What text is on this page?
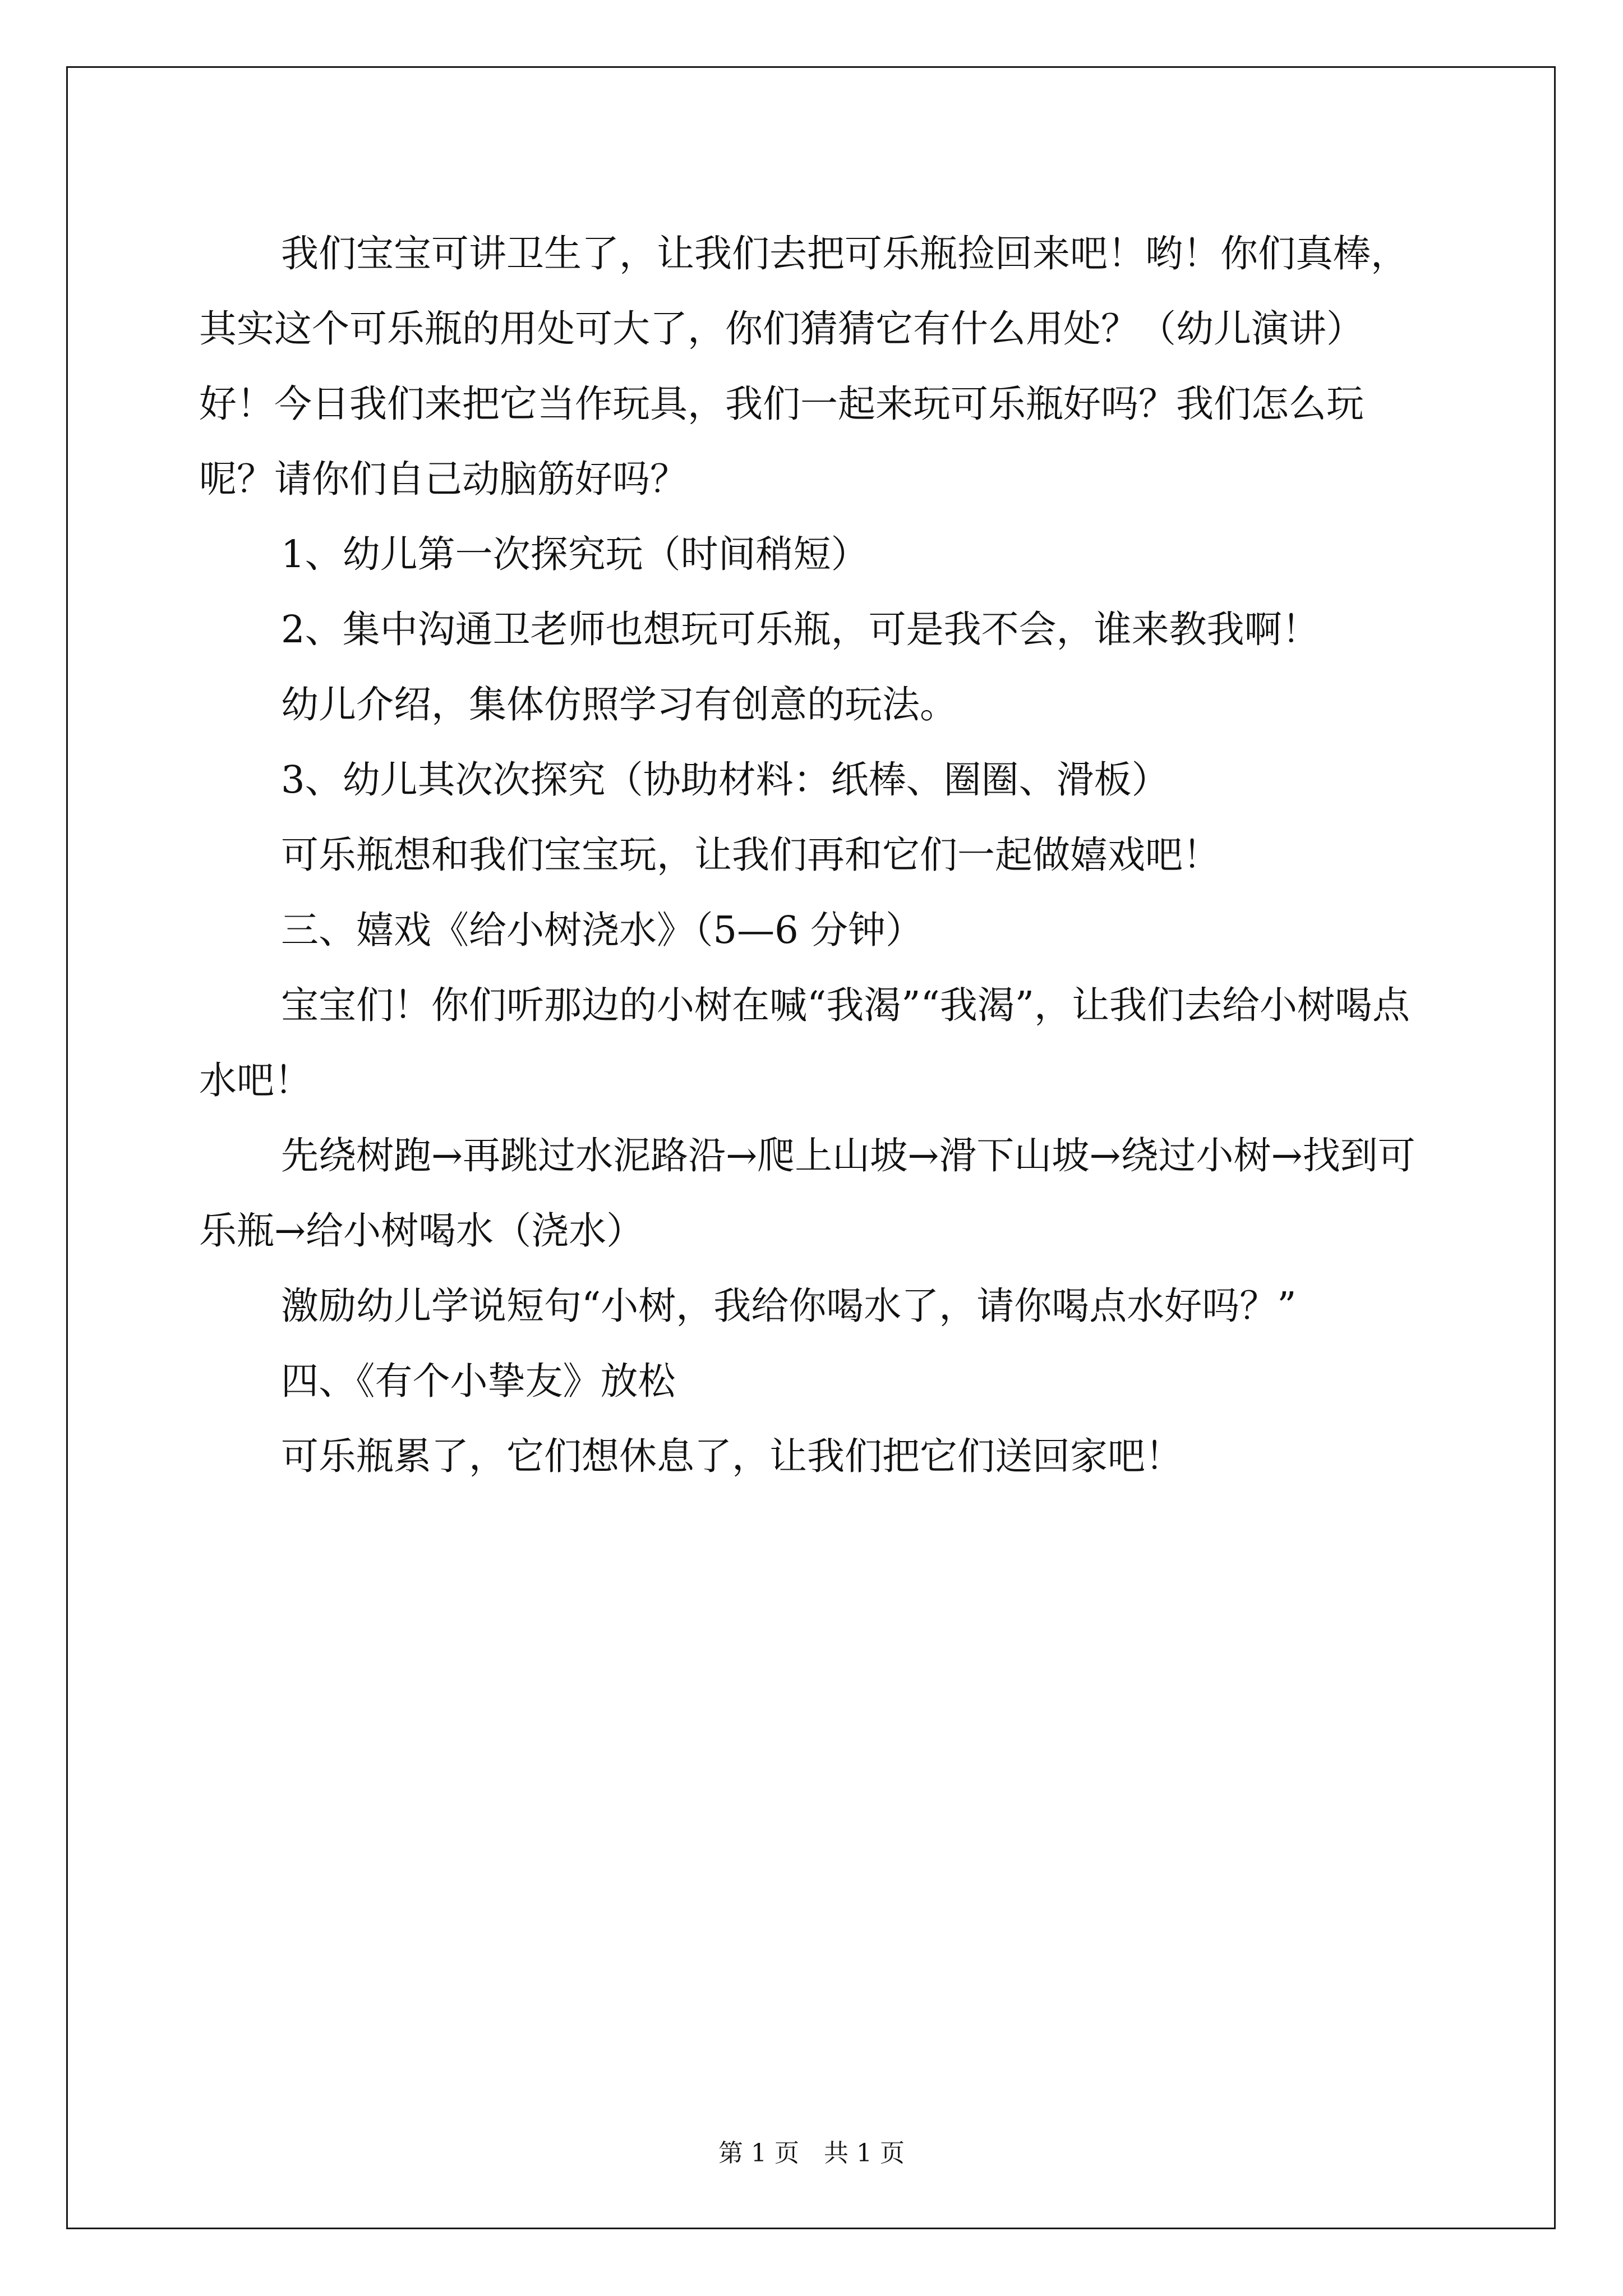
我们宝宝可讲卫生了，让我们去把可乐瓶捡回来吧！哟！你们真棒，其实这个可乐瓶的用处可大了，你们猜猜它有什么用处？（幼儿演讲）好！今日我们来把它当作玩具，我们一起来玩可乐瓶好吗？我们怎么玩呢？请你们自己动脑筋好吗？

1、幼儿第一次探究玩（时间稍短）

2、集中沟通卫老师也想玩可乐瓶，可是我不会，谁来教我啊！

幼儿介绍，集体仿照学习有创意的玩法。

3、幼儿其次次探究（协助材料：纸棒、圈圈、滑板）

可乐瓶想和我们宝宝玩，让我们再和它们一起做嬉戏吧！

三、嬉戏《给小树浇水》（5—6 分钟）

宝宝们！你们听那边的小树在喊“我渴”“我渴”，让我们去给小树喝点水吧！

先绕树跑→再跳过水泥路沿→爬上山坡→滑下山坡→绕过小树→找到可乐瓶→给小树喝水（浇水）

激励幼儿学说短句“小树，我给你喝水了，请你喝点水好吗？”

四、《有个小挚友》放松

可乐瓶累了，它们想休息了，让我们把它们送回家吧！

第 1 页 共 1 页
